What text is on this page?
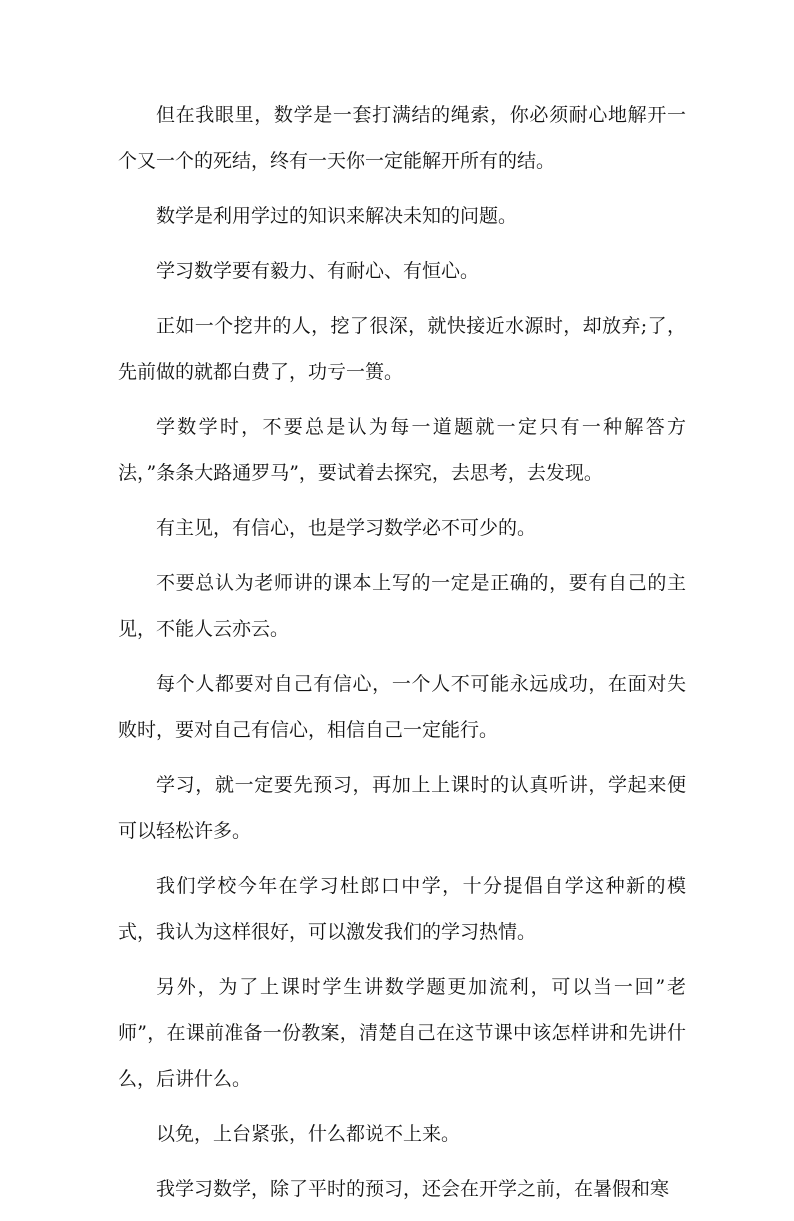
但在我眼里，数学是一套打满结的绳索，你必须耐心地解开一个又一个的死结，终有一天你一定能解开所有的结。

数学是利用学过的知识来解决未知的问题。

学习数学要有毅力、有耐心、有恒心。

正如一个挖井的人，挖了很深，就快接近水源时，却放弃;了，先前做的就都白费了，功亏一篑。

学数学时，不要总是认为每一道题就一定只有一种解答方法，”条条大路通罗马”，要试着去探究，去思考，去发现。

有主见，有信心，也是学习数学必不可少的。

不要总认为老师讲的课本上写的一定是正确的，要有自己的主见，不能人云亦云。

每个人都要对自己有信心，一个人不可能永远成功，在面对失败时，要对自己有信心，相信自己一定能行。

学习，就一定要先预习，再加上上课时的认真听讲，学起来便可以轻松许多。

我们学校今年在学习杜郎口中学，十分提倡自学这种新的模式，我认为这样很好，可以激发我们的学习热情。

另外，为了上课时学生讲数学题更加流利，可以当一回”老师”，在课前准备一份教案，清楚自己在这节课中该怎样讲和先讲什么，后讲什么。

以免，上台紧张，什么都说不上来。

我学习数学，除了平时的预习，还会在开学之前，在暑假和寒
